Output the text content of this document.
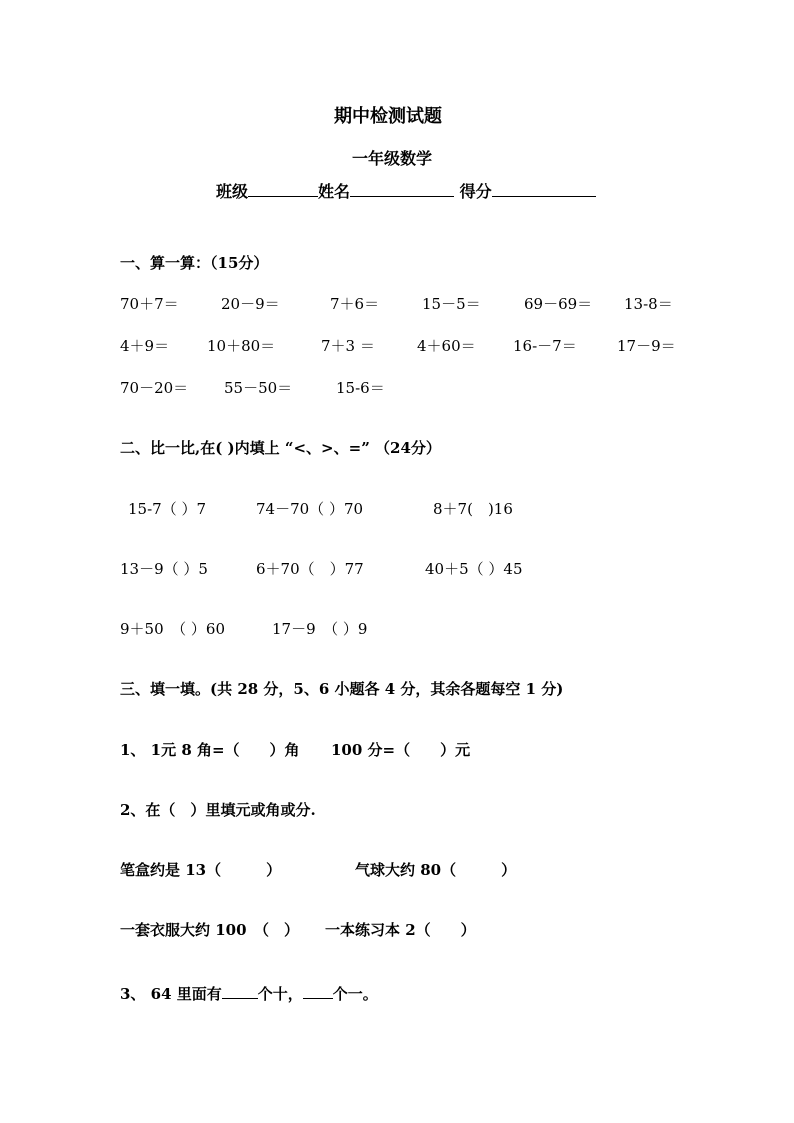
期中检测试题
一年级数学
班级	姓名	得分
一、算一算：（15分）
70＋7＝	20－9＝	7＋6＝	15－5＝	69－69＝ 13-8＝
4＋9＝	10＋80＝	7＋3 ＝	4＋60＝ 16-－7＝	17－9＝
70－20＝ 55－50＝	15-6＝
二、比一比,在( )内填上 “<、>、=” （24分）
15-7（ ）7	74－70（ ）70	8＋7(　)16
13－9（ ）5	6＋70（　）77	40＋5（ ）45
9＋50　（ ）60	17－9　（ ）9
三、填一填。(共 28 分，5、6 小题各 4 分，其余各题每空 1 分)
1、 1元 8 角=（　　）角 100 分=（　　）元
2、在（　）里填元或角或分.
笔盒约是 13（　　　）	气球大约 80（　　　）
一套衣服大约 100　（　） 一本练习本 2（　　）
3、 64 里面有 个十， 个一。
